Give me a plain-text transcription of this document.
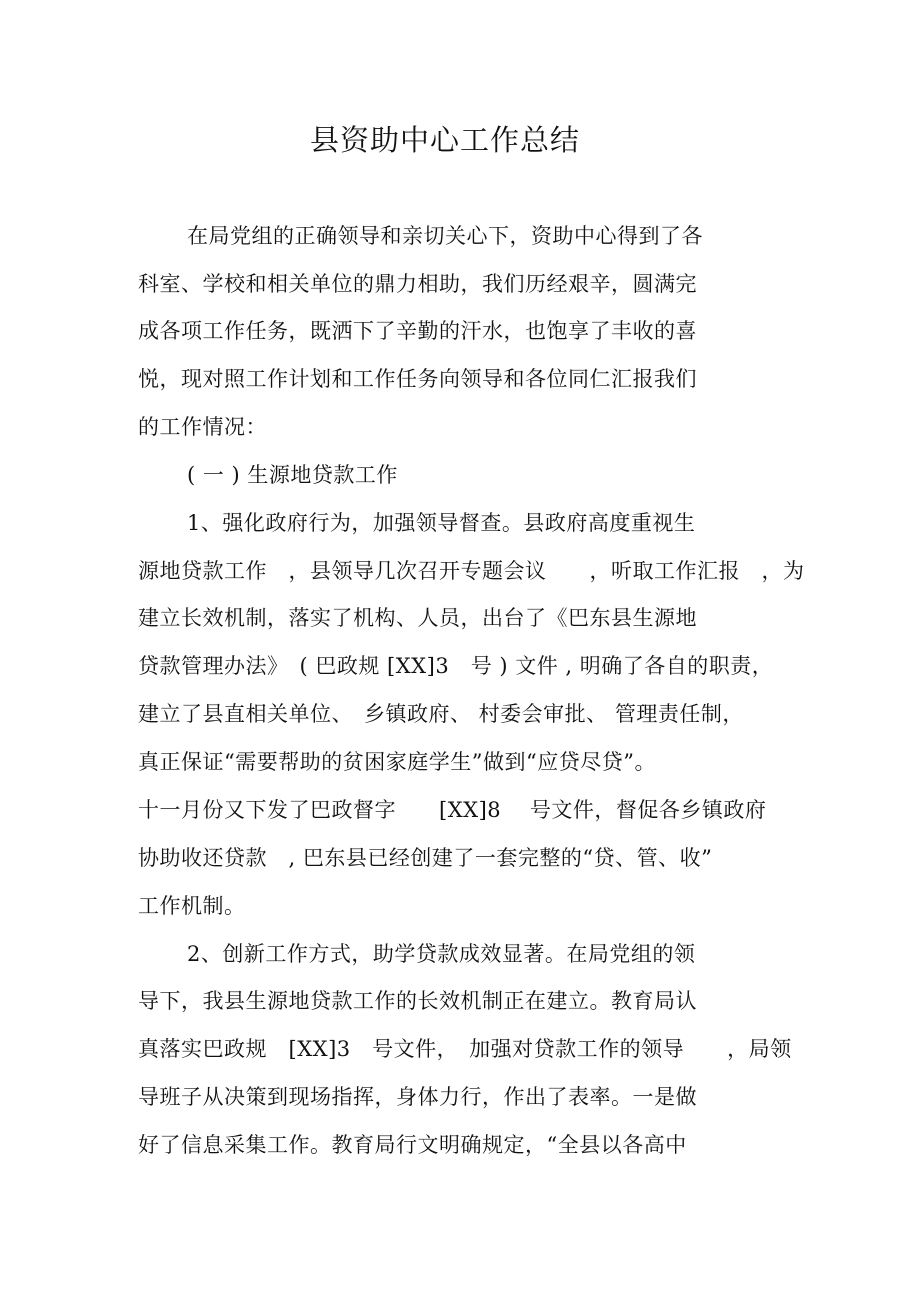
县资助中心工作总结
在局党组的正确领导和亲切关心下，资助中心得到了各
科室、学校和相关单位的鼎力相助，我们历经艰辛，圆满完
成各项工作任务，既洒下了辛勤的汗水，也饱享了丰收的喜
悦，现对照工作计划和工作任务向领导和各位同仁汇报我们
的工作情况：
( 一 ) 生源地贷款工作
1、强化政府行为，加强领导督查。县政府高度重视生
源地贷款工作　，县领导几次召开专题会议　　，听取工作汇报　，为
建立长效机制，落实了机构、人员，出台了《巴东县生源地
贷款管理办法》　( 巴政规 [XX]3　号 ) 文件 , 明确了各自的职责，
建立了县直相关单位、　乡镇政府、 村委会审批、 管理责任制，
真正保证“需要帮助的贫困家庭学生”做到“应贷尽贷”。
十一月份又下发了巴政督字　　[XX]8　 号文件，督促各乡镇政府
协助收还贷款　, 巴东县已经创建了一套完整的“贷、管、收”
工作机制。
2、创新工作方式，助学贷款成效显著。在局党组的领
导下，我县生源地贷款工作的长效机制正在建立。教育局认
真落实巴政规　[XX]3　号文件，　加强对贷款工作的领导　　，局领
导班子从决策到现场指挥，身体力行，作出了表率。一是做
好了信息采集工作。教育局行文明确规定，“全县以各高中
